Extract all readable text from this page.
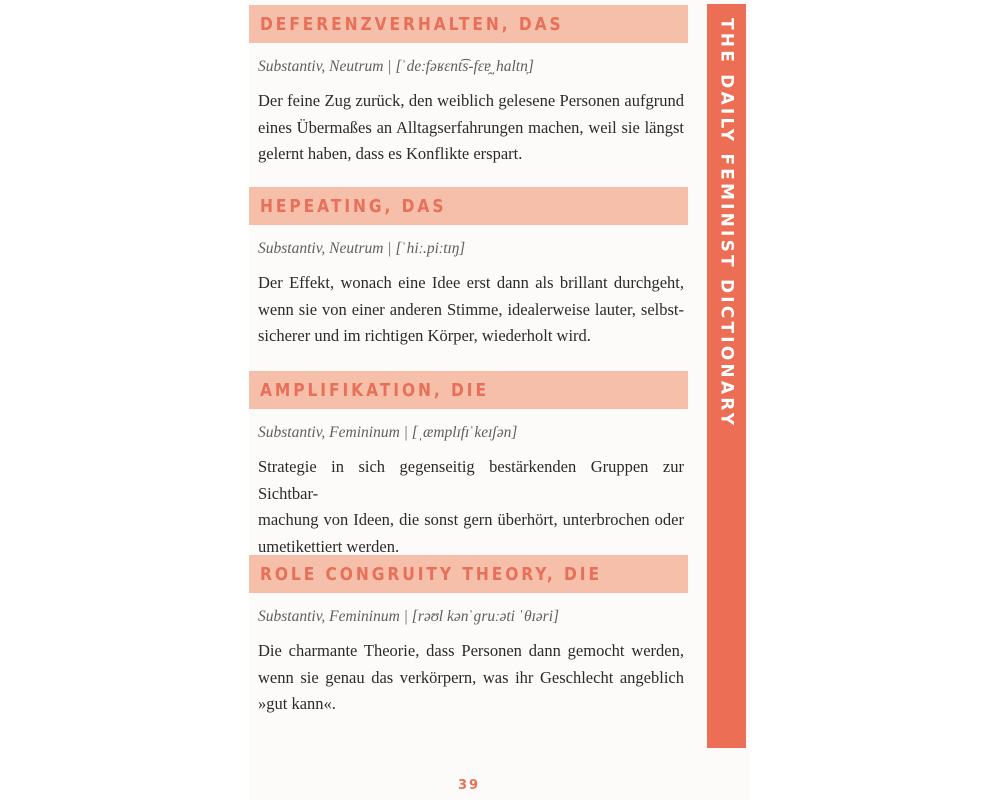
DEFERENZVERHALTEN, DAS
Substantiv, Neutrum | [ˈdeːfəʁɛnt͡s-fɛɐ̯ˌhaltn̩]
Der feine Zug zurück, den weiblich gelesene Personen aufgrund
eines Übermaßes an Alltagserfahrungen machen, weil sie längst
gelernt haben, dass es Konflikte erspart.
HEPEATING, DAS
Substantiv, Neutrum | [ˈhiː.piːtɪŋ]
Der Effekt, wonach eine Idee erst dann als brillant durchgeht,
wenn sie von einer anderen Stimme, idealerweise lauter, selbst-
sicherer und im richtigen Körper, wiederholt wird.
AMPLIFIKATION, DIE
Substantiv, Femininum | [ˌæmplɪfɪˈkeɪʃən]
Strategie in sich gegenseitig bestärkenden Gruppen zur Sichtbar-
machung von Ideen, die sonst gern überhört, unterbrochen oder
umetikettiert werden.
ROLE CONGRUITY THEORY, DIE
Substantiv, Femininum | [rəʊl kənˈɡruːəti ˈθɪəri]
Die charmante Theorie, dass Personen dann gemocht werden,
wenn sie genau das verkörpern, was ihr Geschlecht angeblich
»gut kann«.
THE DAILY FEMINIST DICTIONARY
39
